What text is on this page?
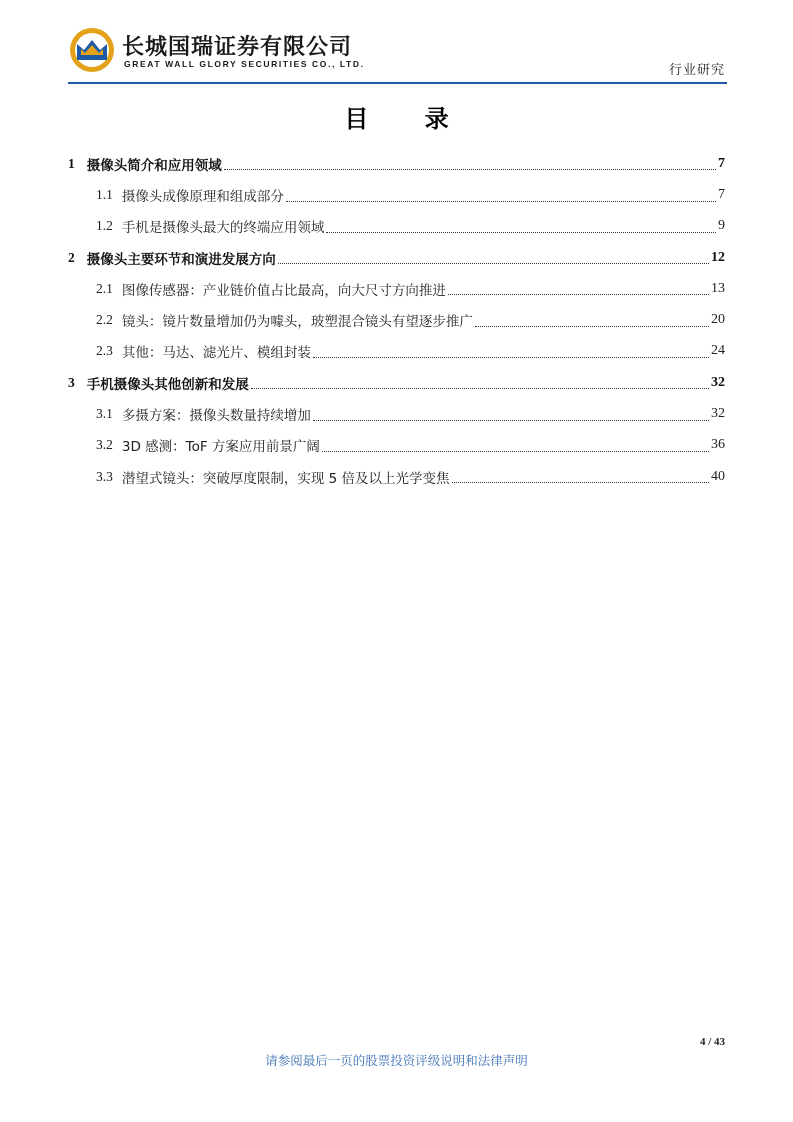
长城国瑞证券有限公司
GREAT WALL GLORY SECURITIES CO., LTD.	行业研究
目 录
1 摄像头简介和应用领域	7
1.1 摄像头成像原理和组成部分	7
1.2 手机是摄像头最大的终端应用领域	9
2 摄像头主要环节和演进发展方向	12
2.1 图像传感器：产业链价值占比最高，向大尺寸方向推进	13
2.2 镜头：镜片数量增加仍为噱头，玻塑混合镜头有望逐步推广	20
2.3 其他：马达、滤光片、模组封装	24
3 手机摄像头其他创新和发展	32
3.1 多摄方案：摄像头数量持续增加	32
3.2 3D 感测：ToF 方案应用前景广阔	36
3.3 潜望式镜头：突破厚度限制，实现 5 倍及以上光学变焦	40
4 / 43
请参阅最后一页的股票投资评级说明和法律声明
